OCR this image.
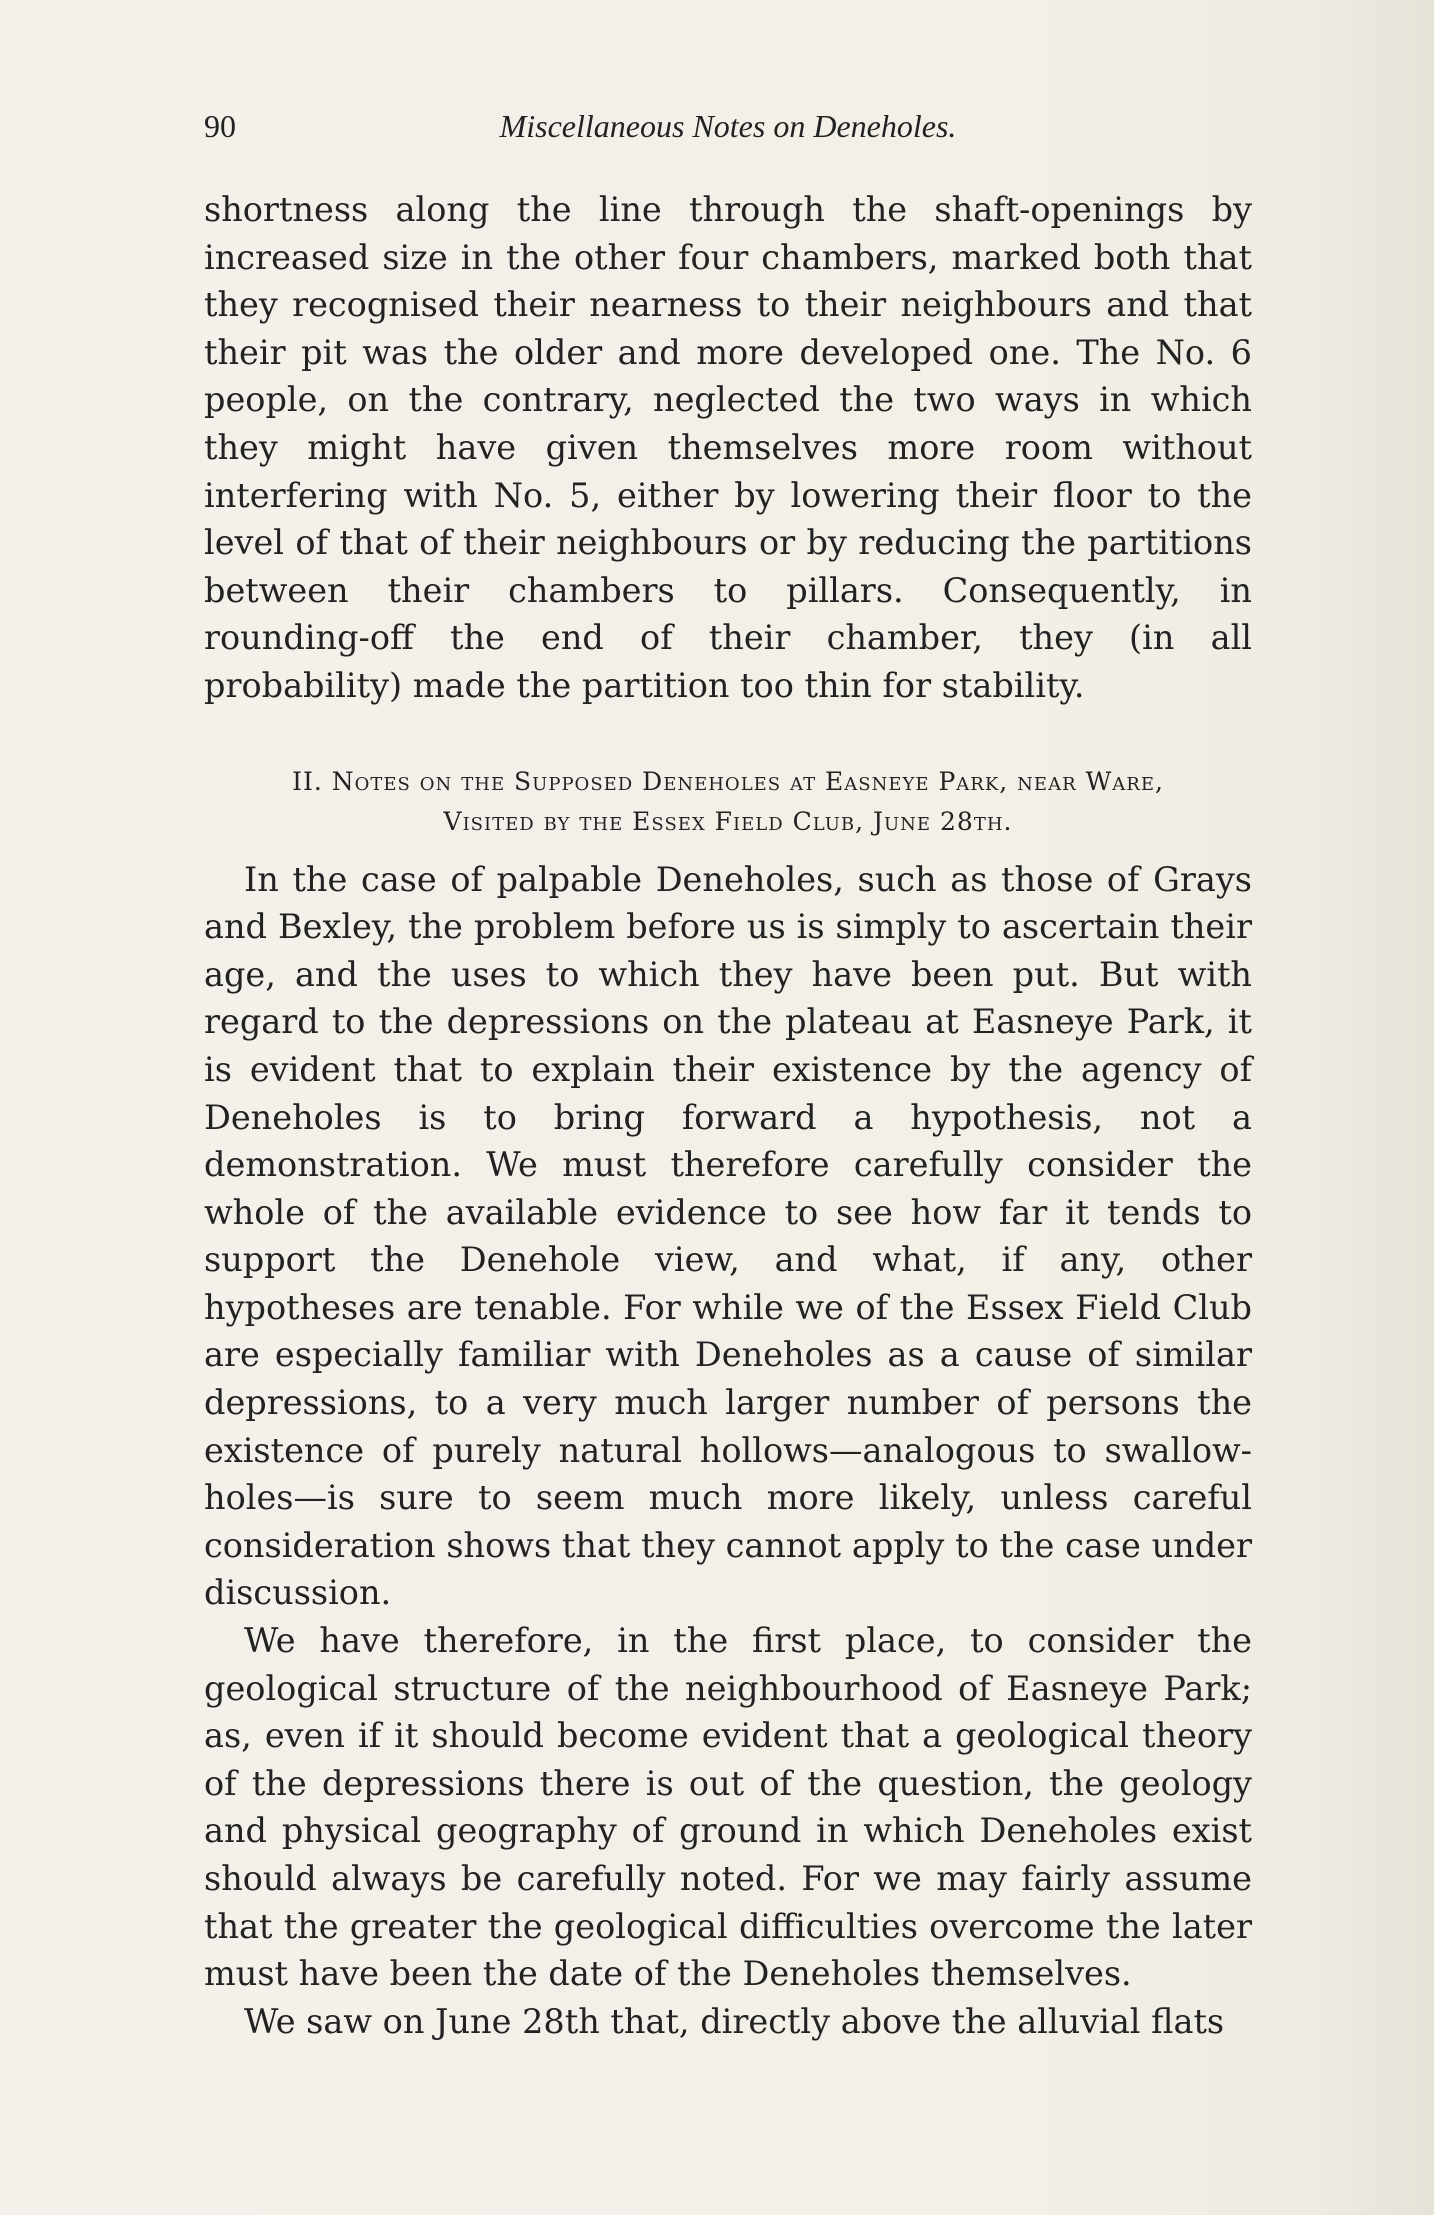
90	Miscellaneous Notes on Deneholes.

shortness along the line through the shaft-openings by increased size in the other four chambers, marked both that they recognised their nearness to their neighbours and that their pit was the older and more developed one. The No. 6 people, on the contrary, neglected the two ways in which they might have given themselves more room without interfering with No. 5, either by lowering their floor to the level of that of their neighbours or by reducing the partitions between their chambers to pillars. Consequently, in rounding-off the end of their chamber, they (in all probability) made the partition too thin for stability.

II. Notes on the Supposed Deneholes at Easneye Park, near Ware,
Visited by the Essex Field Club, June 28th.

In the case of palpable Deneholes, such as those of Grays and Bexley, the problem before us is simply to ascertain their age, and the uses to which they have been put. But with regard to the depressions on the plateau at Easneye Park, it is evident that to explain their existence by the agency of Deneholes is to bring forward a hypothesis, not a demonstration. We must therefore carefully consider the whole of the available evidence to see how far it tends to support the Denehole view, and what, if any, other hypotheses are tenable. For while we of the Essex Field Club are especially familiar with Deneholes as a cause of similar depressions, to a very much larger number of persons the existence of purely natural hollows—analogous to swallow-holes—is sure to seem much more likely, unless careful consideration shows that they cannot apply to the case under discussion.

We have therefore, in the first place, to consider the geological structure of the neighbourhood of Easneye Park; as, even if it should become evident that a geological theory of the depressions there is out of the question, the geology and physical geography of ground in which Deneholes exist should always be carefully noted. For we may fairly assume that the greater the geological difficulties overcome the later must have been the date of the Deneholes themselves.

We saw on June 28th that, directly above the alluvial flats
